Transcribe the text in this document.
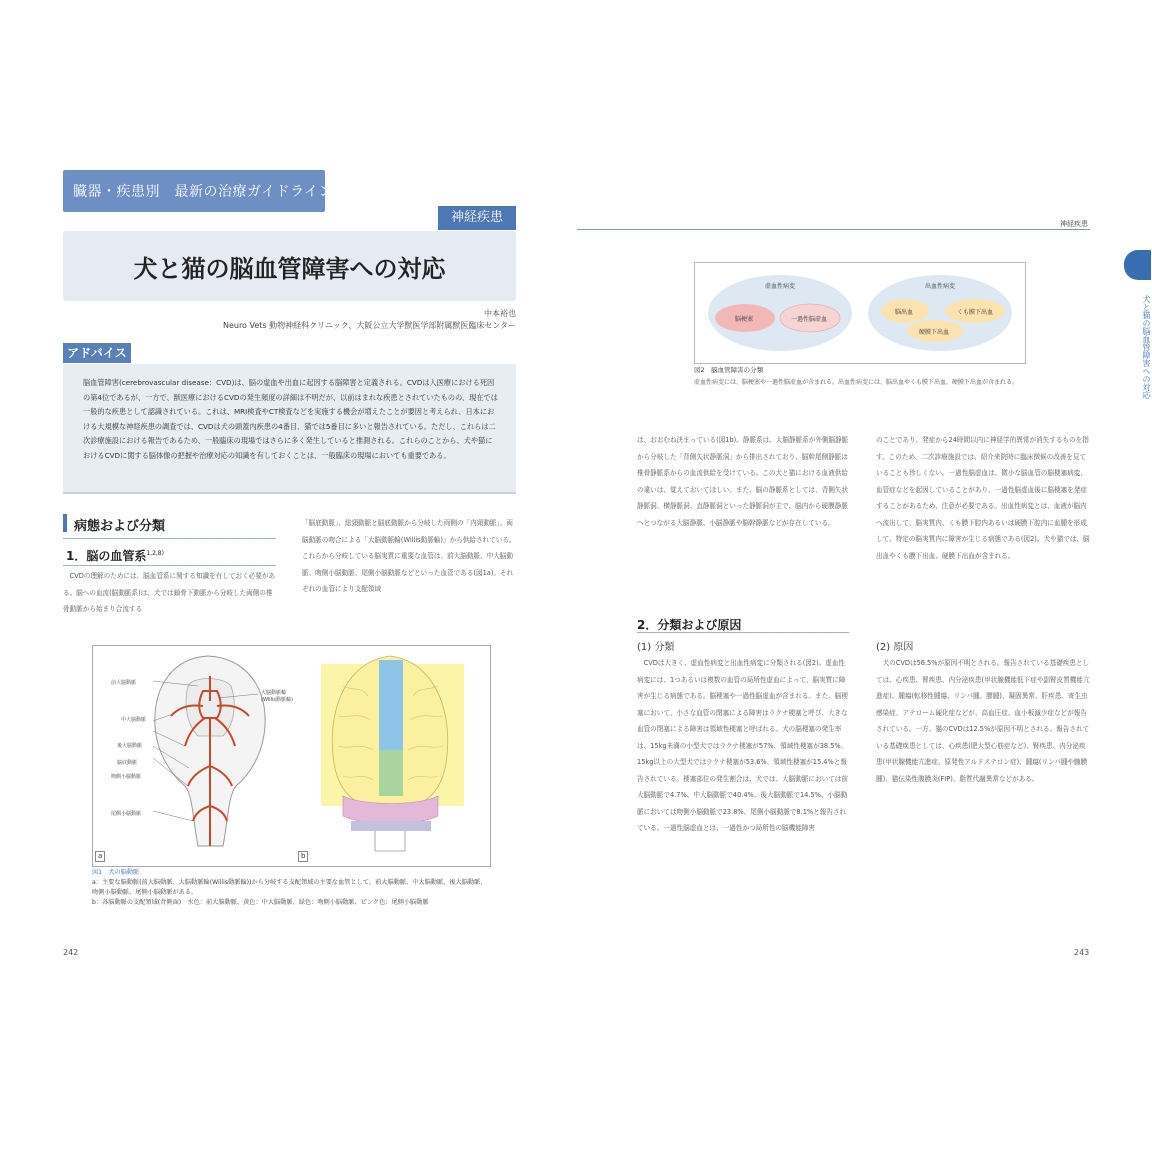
臓器・疾患別　最新の治療ガイドライン
神経疾患
犬と猫の脳血管障害への対応
中本裕也
Neuro Vets 動物神経科クリニック、大阪公立大学獣医学部附属獣医臨床センター
アドバイス

脳血管障害(cerebrovascular disease：CVD)は、脳の虚血や出血に起因する脳障害と定義される。CVDは人医療における死因の第4位であるが、一方で、獣医療におけるCVDの発生頻度の詳細は不明だが、以前はまれな疾患とされていたものの、現在では一般的な疾患として認識されている。これは、MRI検査やCT検査などを実施する機会が増えたことが要因と考えられ、日本における大規模な神経疾患の調査では、CVDは犬の頭蓋内疾患の4番目、猫では5番目に多いと報告されている。ただし、これらは二次診療施設における報告であるため、一般臨床の現場ではさらに多く発生していると推測される。これらのことから、犬や猫におけるCVDに関する脳体像の把握や治療対応の知識を有しておくことは、一般臨床の現場においても重要である。

病態および分類
1．脳の血管系$^{1,2,8)}$

CVDの理解のためには、脳血管系に関する知識を有しておく必要がある。脳への血流(脳動脈系)は、犬では鎖骨下動脈から分岐した両側の椎骨動脈から始まり合流する

「脳底動脈」、総頸動脈と脳底動脈から分岐した両側の「内頸動脈」、両脳動脈の吻合による「大脳動脈輪(Willis動脈輪)」から供給されている。これらから分岐している脳実質に重要な血管は、前大脳動脈、中大脳動脈、吻側小脳動脈、尾側小脳動脈などといった血管である(図1a)。それぞれの血管により支配領域

a	b
前大脳動脈
大脳動脈輪(Willis動脈輪)
中大脳動脈
後大脳動脈
脳底動脈
吻側小脳動脈
尾側小脳動脈
図1　犬の脳動脈
a：主要な脳動脈(前大脳動脈、大脳動脈輪(Willis動脈輪))から分岐する支配領域の主要な血管として、前大脳動脈、中大脳動脈、後大脳動脈、吻側小脳動脈、尾側小脳動脈がある。
b：各脳動脈の支配領域(背側面)　水色：前大脳動脈、黄色：中大脳動脈、緑色：吻側小脳動脈、ピンク色：尾側小脳動脈
242
神経疾患
犬と猫の脳血管障害への対応
虚血性病変	出血性病変
脳梗塞	一過性脳虚血
脳出血	くも膜下出血
硬膜下出血
図2　脳血管障害の分類
虚血性病変には、脳梗塞や一過性脳虚血が含まれる。出血性病変には、脳出血やくも膜下出血、硬膜下出血が含まれる。

は、おおむね決まっている(図1b)。静脈系は、大脳静脈系が外側脳静脈から分岐した「背側矢状静脈洞」から排出されており、脳幹尾側静脈は椎骨静脈系からの血流供給を受けている。この犬と猫における血液供給の違いは、覚えておいてほしい。また、脳の静脈系としては、背側矢状静脈洞、横静脈洞、直静脈洞といった静脈洞が主で、脳内から硬膜静脈へとつながる大脳静脈、小脳静脈や脳幹静脈などが存在している。

2．分類および原因
(1) 分類

CVDは大きく、虚血性病変と出血性病変に分類される(図2)。虚血性病変には、1つあるいは複数の血管の局所性虚血によって、脳実質に障害が生じる病態である。脳梗塞や一過性脳虚血が含まれる。また、脳梗塞において、小さな血管の閉塞による障害はラクナ梗塞と呼び、大きな血管の閉塞による障害は領域性梗塞と呼ばれる。犬の脳梗塞の発生率は、15kg未満の小型犬ではラクナ梗塞が57%、領域性梗塞が38.5%、15kg以上の大型犬ではラクナ梗塞が53.6%、領域性梗塞が15.4%と報告されている。梗塞部位の発生割合は、犬では、大脳動脈においては前大脳動脈で4.7%、中大脳動脈で40.4%、後大脳動脈で14.5%、小脳動脈においては吻側小脳動脈で23.8%、尾側小脳動脈で8.1%と報告されている。一過性脳虚血とは、一過性かつ局所性の脳機能障害

のことであり、発症から24時間以内に神経学的異常が消失するものを指す。このため、二次診療施設では、紹介来院時に臨床徴候の改善を見ていることも珍しくない。一過性脳虚血は、微小な脳血管の脳梗塞病変、血管症などを起因していることがあり、一過性脳虚血後に脳梗塞を発症することがあるため、注意が必要である。出血性病変とは、血液が脳内へ流出して、脳実質内、くも膜下腔内あるいは硬膜下腔内に血腫を形成して、特定の脳実質内に障害が生じる病態である(図2)。犬や猫では、脳出血やくも膜下出血、硬膜下出血が含まれる。

(2) 原因

犬のCVDは56.5%が原因不明とされる。報告されている基礎疾患としては、心疾患、腎疾患、内分泌疾患(甲状腺機能低下症や副腎皮質機能亢進症)、腫瘍(転移性腫瘍、リンパ腫、膠腫)、凝固異常、肝疾患、寄生虫感染症、アテローム硬化症などが、高血圧症、血小板減少症などが報告されている。一方、猫のCVDは12.5%が原因不明とされる。報告されている基礎疾患としては、心疾患(肥大型心筋症など)、腎疾患、内分泌疾患(甲状腺機能亢進症、原発性アルドステロン症)、腫瘍(リンパ腫や髄膜腫)、猫伝染性腹膜炎(FIP)、脂質代謝異常などがある。

243
